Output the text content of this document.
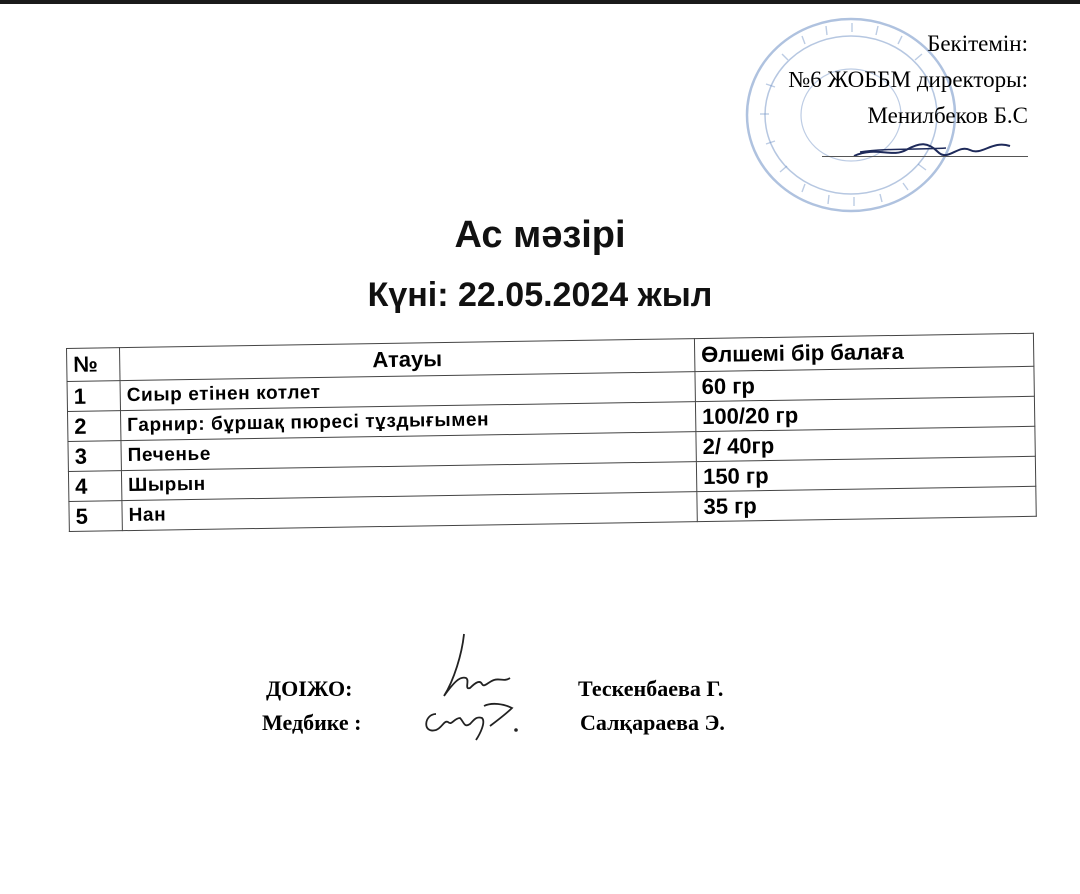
Бекітемін:
№6 ЖОББМ директоры:
Менилбеков Б.С
Ас мәзірі
Күні: 22.05.2024 жыл
№	Атауы	Өлшемі бір балаға
1	Сиыр етінен котлет	60 гр
2	Гарнир: бұршақ пюресі тұздығымен	100/20 гр
3	Печенье	2/ 40гр
4	Шырын	150 гр
5	Нан	35 гр
ДОІЖО:	Тескенбаева Г.
Медбике :	Салқараева Э.
